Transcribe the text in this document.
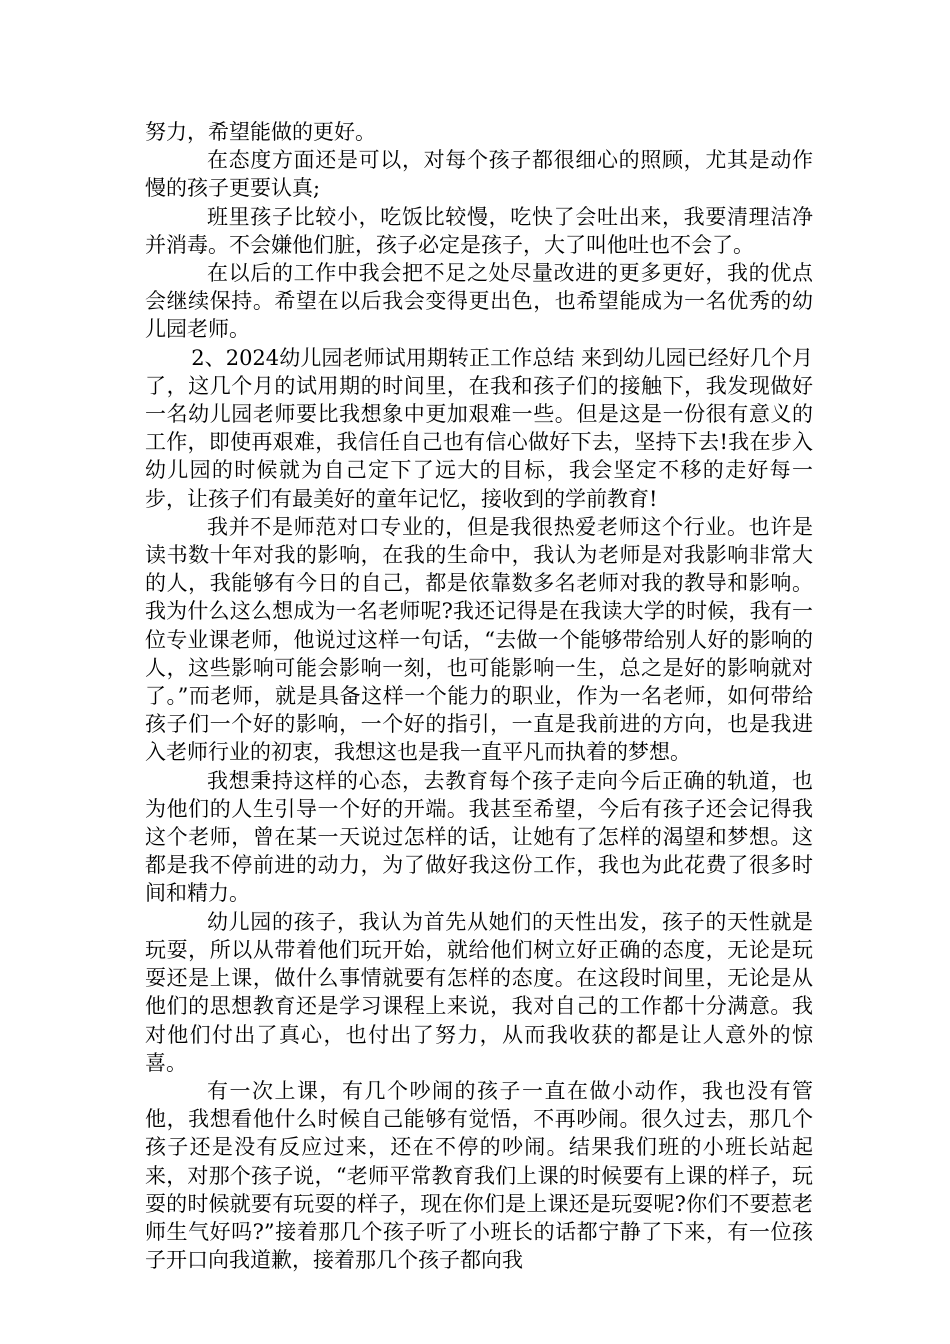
努力，希望能做的更好。

在态度方面还是可以，对每个孩子都很细心的照顾，尤其是动作慢的孩子更要认真;

班里孩子比较小，吃饭比较慢，吃快了会吐出来，我要清理洁净并消毒。不会嫌他们脏，孩子必定是孩子，大了叫他吐也不会了。

在以后的工作中我会把不足之处尽量改进的更多更好，我的优点会继续保持。希望在以后我会变得更出色，也希望能成为一名优秀的幼儿园老师。

2、2024幼儿园老师试用期转正工作总结 来到幼儿园已经好几个月了，这几个月的试用期的时间里，在我和孩子们的接触下，我发现做好一名幼儿园老师要比我想象中更加艰难一些。但是这是一份很有意义的工作，即使再艰难，我信任自己也有信心做好下去，坚持下去!我在步入幼儿园的时候就为自己定下了远大的目标，我会坚定不移的走好每一步，让孩子们有最美好的童年记忆，接收到的学前教育!

我并不是师范对口专业的，但是我很热爱老师这个行业。也许是读书数十年对我的影响，在我的生命中，我认为老师是对我影响非常大的人，我能够有今日的自己，都是依靠数多名老师对我的教导和影响。我为什么这么想成为一名老师呢?我还记得是在我读大学的时候，我有一位专业课老师，他说过这样一句话，“去做一个能够带给别人好的影响的人，这些影响可能会影响一刻，也可能影响一生，总之是好的影响就对了。”而老师，就是具备这样一个能力的职业，作为一名老师，如何带给孩子们一个好的影响，一个好的指引，一直是我前进的方向，也是我进入老师行业的初衷，我想这也是我一直平凡而执着的梦想。

我想秉持这样的心态，去教育每个孩子走向今后正确的轨道，也为他们的人生引导一个好的开端。我甚至希望，今后有孩子还会记得我这个老师，曾在某一天说过怎样的话，让她有了怎样的渴望和梦想。这都是我不停前进的动力，为了做好我这份工作，我也为此花费了很多时间和精力。

幼儿园的孩子，我认为首先从她们的天性出发，孩子的天性就是玩耍，所以从带着他们玩开始，就给他们树立好正确的态度，无论是玩耍还是上课，做什么事情就要有怎样的态度。在这段时间里，无论是从他们的思想教育还是学习课程上来说，我对自己的工作都十分满意。我对他们付出了真心，也付出了努力，从而我收获的都是让人意外的惊喜。

有一次上课，有几个吵闹的孩子一直在做小动作，我也没有管他，我想看他什么时候自己能够有觉悟，不再吵闹。很久过去，那几个孩子还是没有反应过来，还在不停的吵闹。结果我们班的小班长站起来，对那个孩子说，“老师平常教育我们上课的时候要有上课的样子，玩耍的时候就要有玩耍的样子，现在你们是上课还是玩耍呢?你们不要惹老师生气好吗?”接着那几个孩子听了小班长的话都宁静了下来，有一位孩子开口向我道歉，接着那几个孩子都向我
